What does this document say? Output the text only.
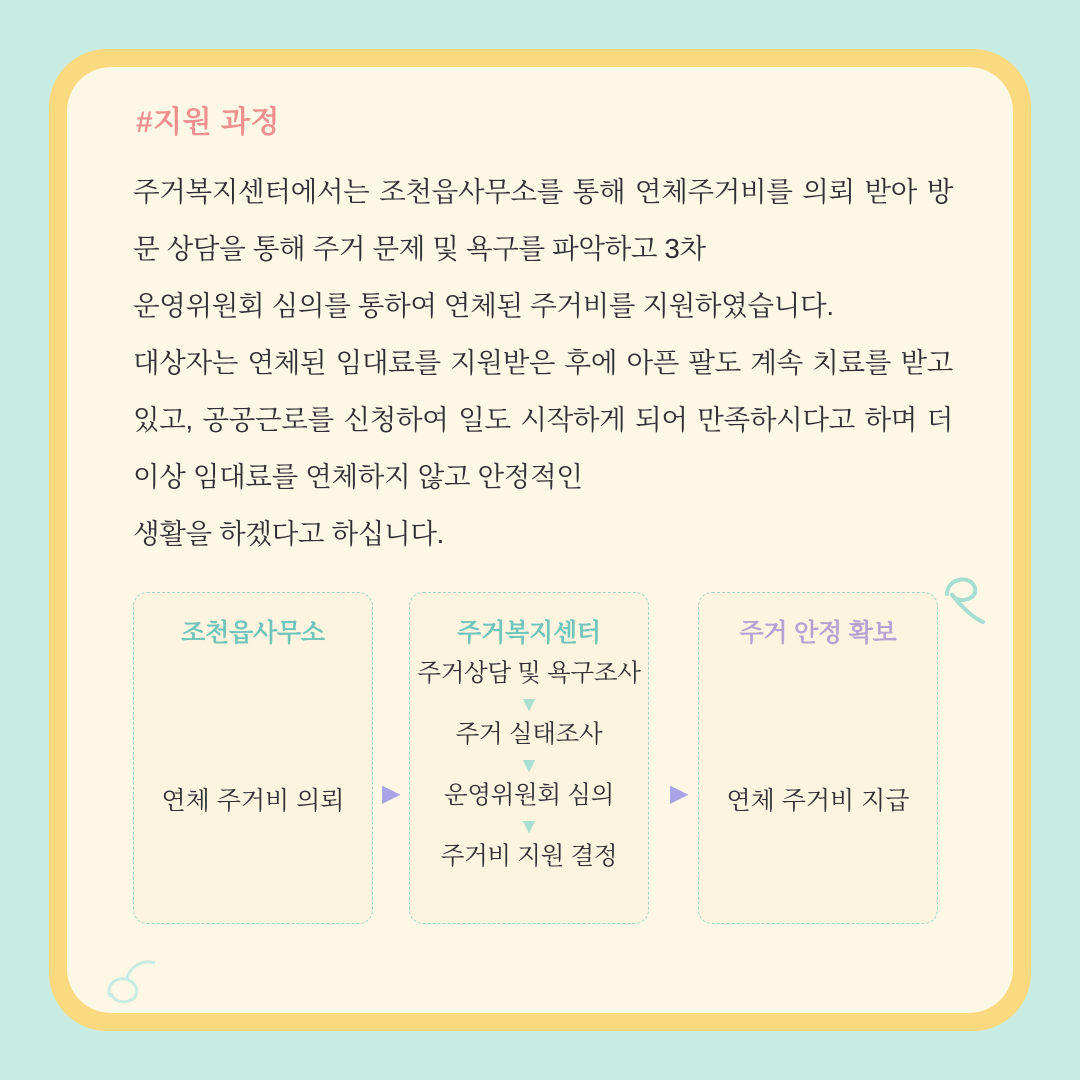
#지원 과정

주거복지센터에서는 조천읍사무소를 통해 연체주거비를 의뢰 받아 방문 상담을 통해 주거 문제 및 욕구를 파악하고 3차
운영위원회 심의를 통하여 연체된 주거비를 지원하였습니다.

대상자는 연체된 임대료를 지원받은 후에 아픈 팔도 계속 치료를 받고 있고, 공공근로를 신청하여 일도 시작하게 되어 만족하시다고 하며 더 이상 임대료를 연체하지 않고 안정적인
생활을 하겠다고 하십니다.

조천읍사무소
연체 주거비 의뢰	▶
주거복지센터
주거상담 및 욕구조사
▼
주거 실태조사
▼
운영위원회 심의
▼
주거비 지원 결정
▶
주거 안정 확보
연체 주거비 지급
